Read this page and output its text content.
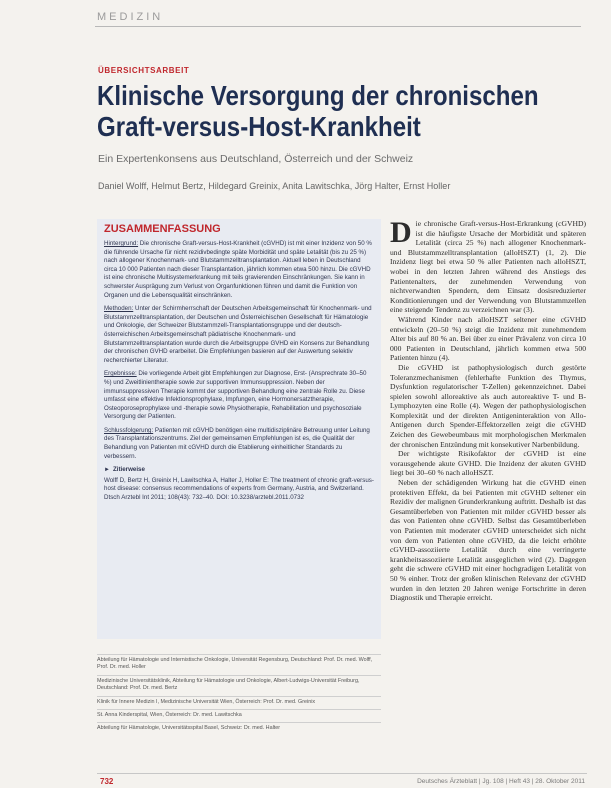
MEDIZIN
ÜBERSICHTSARBEIT
Klinische Versorgung der chronischen
Graft-versus-Host-Krankheit
Ein Expertenkonsens aus Deutschland, Österreich und der Schweiz
Daniel Wolff, Helmut Bertz, Hildegard Greinix, Anita Lawitschka, Jörg Halter, Ernst Holler
ZUSAMMENFASSUNG

Hintergrund: Die chronische Graft-versus-Host-Krankheit (cGVHD) ist mit einer Inzidenz von 50 % die führende Ursache für nicht rezidivbedingte späte Morbidität und späte Letalität (bis zu 25 %) nach allogener Knochenmark- und Blutstammzelltransplantation. Aktuell leben in Deutschland circa 10 000 Patienten nach dieser Transplantation, jährlich kommen etwa 500 hinzu. Die cGVHD ist eine chronische Multisystemerkrankung mit teils gravierenden Einschränkungen. Sie kann in schwerster Ausprägung zum Verlust von Organfunktionen führen und damit die Funktion von Organen und die Lebensqualität einschränken.

Methoden: Unter der Schirmherrschaft der Deutschen Arbeitsgemeinschaft für Knochenmark- und Blutstammzelltransplantation, der Deutschen und Österreichischen Gesellschaft für Hämatologie und Onkologie, der Schweizer Blutstammzell-Transplantationsgruppe und der deutsch-österreichischen Arbeitsgemeinschaft pädiatrische Knochenmark- und Blutstammzelltransplantation wurde durch die Arbeitsgruppe GVHD ein Konsens zur Behandlung der chronischen GVHD erarbeitet. Die Empfehlungen basieren auf der Auswertung selektiv recherchierter Literatur.

Ergebnisse: Die vorliegende Arbeit gibt Empfehlungen zur Diagnose, Erst- (Ansprechrate 30–50 %) und Zweitlinientherapie sowie zur supportiven Immunsuppression. Neben der immunsuppressiven Therapie kommt der supportiven Behandlung eine zentrale Rolle zu. Diese umfasst eine effektive Infektionsprophylaxe, Impfungen, eine Hormonersatztherapie, Osteoporoseprophylaxe und -therapie sowie Physiotherapie, Rehabilitation und psychosoziale Versorgung der Patienten.

Schlussfolgerung: Patienten mit cGVHD benötigen eine multidisziplinäre Betreuung unter Leitung des Transplantationszentrums. Ziel der gemeinsamen Empfehlungen ist es, die Qualität der Behandlung von Patienten mit cGVHD durch die Etablierung einheitlicher Standards zu verbessern.

► Zitierweise
Wolff D, Bertz H, Greinix H, Lawitschka A, Halter J, Holler E: The treatment of chronic graft-versus-host disease: consensus recommendations of experts from Germany, Austria, and Switzerland. Dtsch Arztebl Int 2011; 108(43): 732–40. DOI: 10.3238/arztebl.2011.0732

Abteilung für Hämatologie und Internistische Onkologie, Universität Regensburg, Deutschland: Prof. Dr. med. Wolff, Prof. Dr. med. Holler

Medizinische Universitätsklinik, Abteilung für Hämatologie und Onkologie, Albert-Ludwigs-Universität Freiburg, Deutschland: Prof. Dr. med. Bertz

Klinik für Innere Medizin I, Medizinische Universität Wien, Österreich: Prof. Dr. med. Greinix

St. Anna Kinderspital, Wien, Österreich: Dr. med. Lawitschka

Abteilung für Hämatologie, Universitätsspital Basel, Schweiz: Dr. med. Halter

D ie chronische Graft-versus-Host-Erkrankung (cGVHD) ist die häufigste Ursache der Morbidität und späteren Letalität (circa 25 %) nach allogener Knochenmark- und Blutstammzelltransplantation (alloHSZT) (1, 2). Die Inzidenz liegt bei etwa 50 % aller Patienten nach alloHSZT, wobei in den letzten Jahren während des Anstiegs des Patientenalters, der zunehmenden Verwendung von nichtverwandten Spendern, dem Einsatz dosisreduzierter Konditionierungen und der Verwendung von Blutstammzellen eine steigende Tendenz zu verzeichnen war (3).

Während Kinder nach alloHSZT seltener eine cGVHD entwickeln (20–50 %) steigt die Inzidenz mit zunehmendem Alter bis auf 80 % an. Bei über zu einer Prävalenz von circa 10 000 Patienten in Deutschland, jährlich kommen etwa 500 Patienten hinzu (4).

Die cGVHD ist pathophysiologisch durch gestörte Toleranzmechanismen (fehlerhafte Funktion des Thymus, Dysfunktion regulatorischer T-Zellen) gekennzeichnet. Dabei spielen sowohl alloreaktive als auch autoreaktive T- und B-Lymphozyten eine Rolle (4). Wegen der pathophysiologischen Komplexität und der direkten Antigeninteraktion von Allo-Antigenen durch Spender-Effektorzellen zeigt die cGVHD Zeichen des Gewebeumbaus mit morphologischen Merkmalen der chronischen Entzündung mit konsekutiver Narbenbildung.

Der wichtigste Risikofaktor der cGVHD ist eine vorausgehende akute GVHD. Die Inzidenz der akuten GVHD liegt bei 30–60 % nach alloHSZT.

Neben der schädigenden Wirkung hat die cGVHD einen protektiven Effekt, da bei Patienten mit cGVHD seltener ein Rezidiv der malignen Grunderkrankung auftritt. Deshalb ist das Gesamtüberleben von Patienten mit milder cGVHD besser als das von Patienten ohne cGVHD. Selbst das Gesamtüberleben von Patienten mit moderater cGVHD unterscheidet sich nicht von dem von Patienten ohne cGVHD, da die leicht erhöhte cGVHD-assoziierte Letalität durch eine verringerte krankheitsassoziierte Letalität ausgeglichen wird (2). Dagegen geht die schwere cGVHD mit einer hochgradigen Letalität von 50 % einher. Trotz der großen klinischen Relevanz der cGVHD wurden in den letzten 20 Jahren wenige Fortschritte in deren Diagnostik und Therapie erreicht.

732	Deutsches Ärzteblatt | Jg. 108 | Heft 43 | 28. Oktober 2011
